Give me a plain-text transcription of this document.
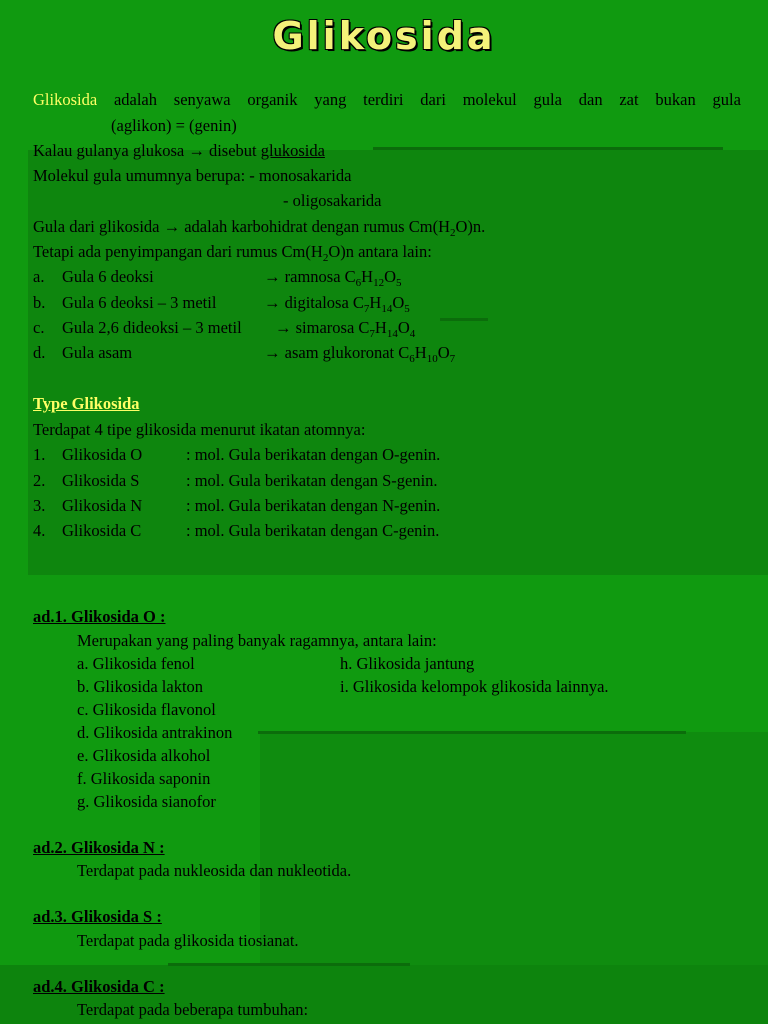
Glikosida
Glikosida adalah senyawa organik yang terdiri dari molekul gula dan zat bukan gula
(aglikon) = (genin)
Kalau gulanya glukosa → disebut glukosida
Molekul gula umumnya berupa: - monosakarida
- oligosakarida
Gula dari glikosida → adalah karbohidrat dengan rumus $Cm(H_2O)n$.
Tetapi ada penyimpangan dari rumus $Cm(H_2O)n$ antara lain:
a. Gula 6 deoksi	→ ramnosa $C_6H_{12}O_5$
b. Gula 6 deoksi – 3 metil	→ digitalosa $C_7H_{14}O_5$
c. Gula 2,6 dideoksi – 3 metil → simarosa $C_7H_{14}O_4$
d. Gula asam	→ asam glukoronat $C_6H_{10}O_7$
Type Glikosida
Terdapat 4 tipe glikosida menurut ikatan atomnya:
1. Glikosida O	: mol. Gula berikatan dengan O-genin.
2. Glikosida S	: mol. Gula berikatan dengan S-genin.
3. Glikosida N	: mol. Gula berikatan dengan N-genin.
4. Glikosida C	: mol. Gula berikatan dengan C-genin.
ad.1. Glikosida O :
Merupakan yang paling banyak ragamnya, antara lain:
a. Glikosida fenol
b. Glikosida lakton
c. Glikosida flavonol
d. Glikosida antrakinon
e. Glikosida alkohol
f. Glikosida saponin
g. Glikosida sianofor
h. Glikosida jantung
i. Glikosida kelompok glikosida lainnya.
ad.2. Glikosida N :
Terdapat pada nukleosida dan nukleotida.
ad.3. Glikosida S :
Terdapat pada glikosida tiosianat.
ad.4. Glikosida C :
Terdapat pada beberapa tumbuhan:
